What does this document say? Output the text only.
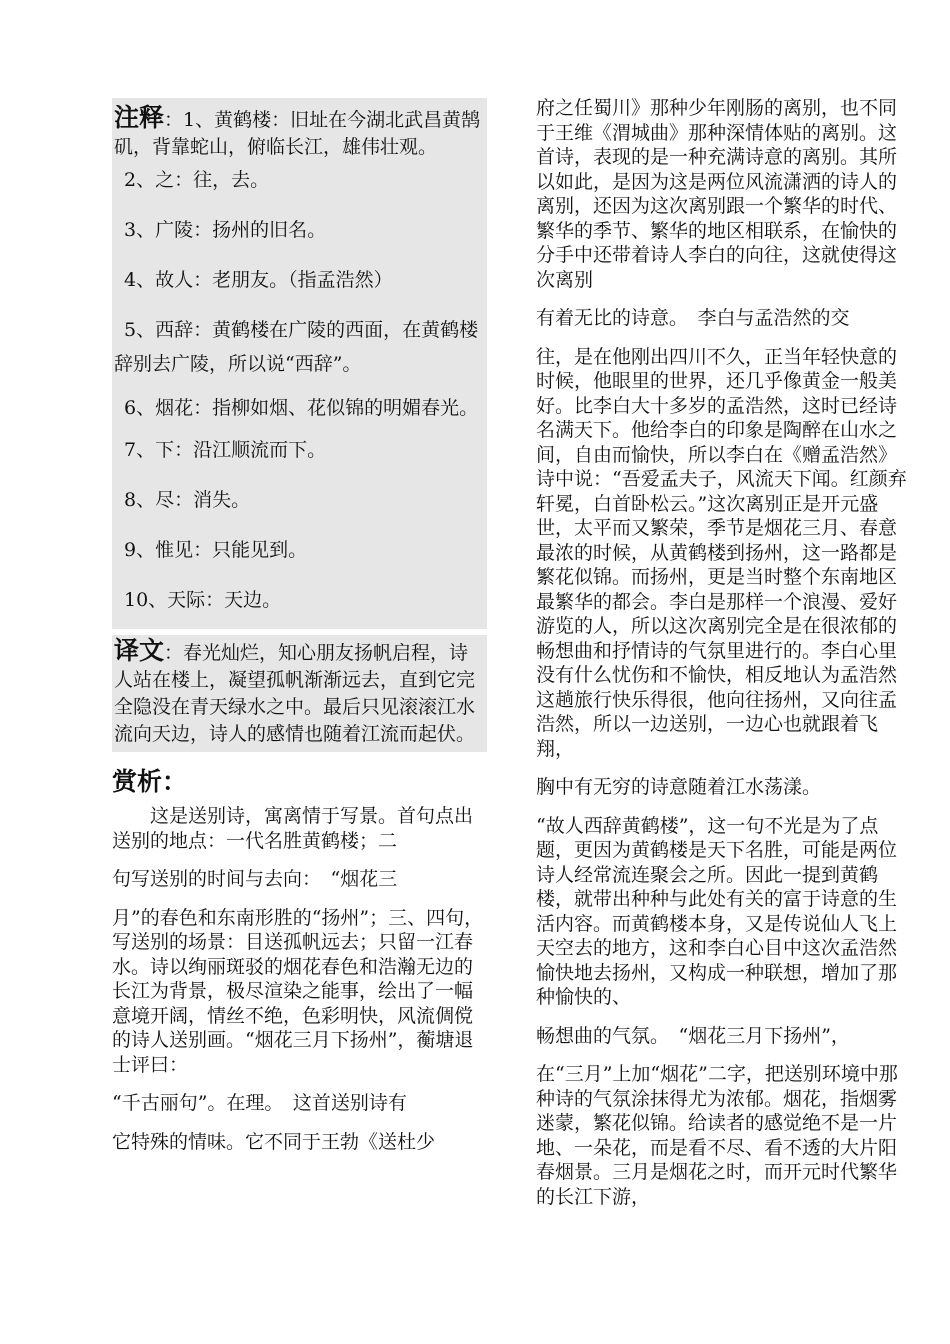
注释：1、黄鹤楼：旧址在今湖北武昌黄鹄矶，背靠蛇山，俯临长江，雄伟壮观。

2、之：往，去。

3、广陵：扬州的旧名。

4、故人：老朋友。（指孟浩然）

5、西辞：黄鹤楼在广陵的西面，在黄鹤楼辞别去广陵，所以说“西辞”。

6、烟花：指柳如烟、花似锦的明媚春光。

7、下：沿江顺流而下。

8、尽：消失。

9、惟见：只能见到。

10、天际：天边。

译文：春光灿烂，知心朋友扬帆启程，诗人站在楼上，凝望孤帆渐渐远去，直到它完全隐没在青天绿水之中。最后只见滚滚江水流向天边，诗人的感情也随着江流而起伏。

赏析：

这是送别诗，寓离情于写景。首句点出送别的地点：一代名胜黄鹤楼；二

句写送别的时间与去向：　“烟花三

月”的春色和东南形胜的“扬州”；三、四句，写送别的场景：目送孤帆远去；只留一江春水。诗以绚丽斑驳的烟花春色和浩瀚无边的长江为背景，极尽渲染之能事，绘出了一幅意境开阔，情丝不绝，色彩明快，风流倜傥的诗人送别画。“烟花三月下扬州”，蘅塘退士评曰：

“千古丽句”。在理。　这首送别诗有

它特殊的情味。它不同于王勃《送杜少

府之任蜀川》那种少年刚肠的离别，也不同于王维《渭城曲》那种深情体贴的离别。这首诗，表现的是一种充满诗意的离别。其所以如此，是因为这是两位风流潇洒的诗人的离别，还因为这次离别跟一个繁华的时代、繁华的季节、繁华的地区相联系，在愉快的分手中还带着诗人李白的向往，这就使得这次离别

有着无比的诗意。　李白与孟浩然的交

往，是在他刚出四川不久，正当年轻快意的时候，他眼里的世界，还几乎像黄金一般美好。比李白大十多岁的孟浩然，这时已经诗名满天下。他给李白的印象是陶醉在山水之间，自由而愉快，所以李白在《赠孟浩然》诗中说：“吾爱孟夫子，风流天下闻。红颜弃轩冕，白首卧松云。”这次离别正是开元盛世，太平而又繁荣，季节是烟花三月、春意最浓的时候，从黄鹤楼到扬州，这一路都是繁花似锦。而扬州，更是当时整个东南地区最繁华的都会。李白是那样一个浪漫、爱好游览的人，所以这次离别完全是在很浓郁的畅想曲和抒情诗的气氛里进行的。李白心里没有什么忧伤和不愉快，相反地认为孟浩然这趟旅行快乐得很，他向往扬州，又向往孟浩然，所以一边送别，一边心也就跟着飞翔，

胸中有无穷的诗意随着江水荡漾。

“故人西辞黄鹤楼”，这一句不光是为了点题，更因为黄鹤楼是天下名胜，可能是两位诗人经常流连聚会之所。因此一提到黄鹤楼，就带出种种与此处有关的富于诗意的生活内容。而黄鹤楼本身，又是传说仙人飞上天空去的地方，这和李白心目中这次孟浩然愉快地去扬州，又构成一种联想，增加了那种愉快的、

畅想曲的气氛。　“烟花三月下扬州”，

在“三月”上加“烟花”二字，把送别环境中那种诗的气氛涂抹得尤为浓郁。烟花，指烟雾迷蒙，繁花似锦。给读者的感觉绝不是一片地、一朵花，而是看不尽、看不透的大片阳春烟景。三月是烟花之时，而开元时代繁华的长江下游，
